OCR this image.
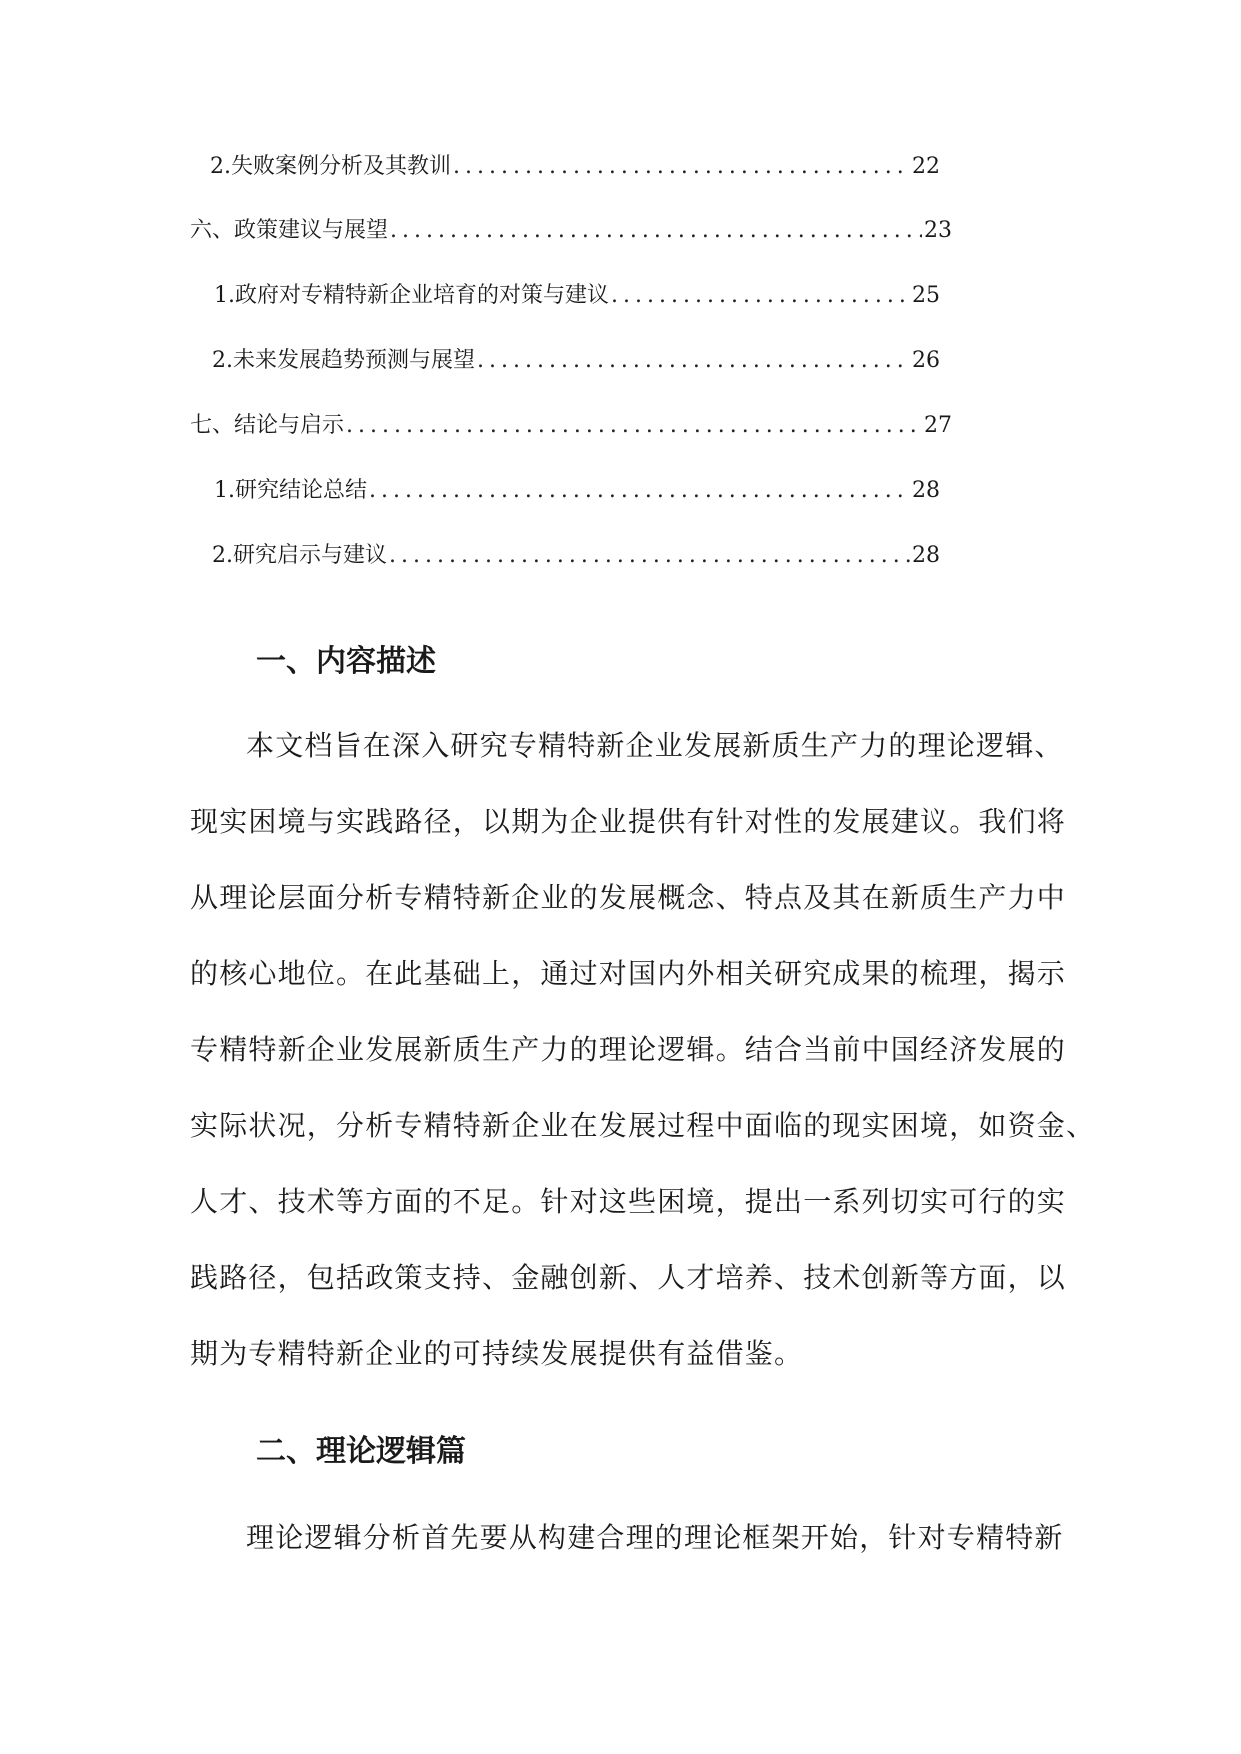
2. 失败案例分析及其教训 .....	22
六、政策建议与展望 .....	23
1. 政府对专精特新企业培育的对策与建议 .....	25
2. 未来发展趋势预测与展望 .....	26
七、结论与启示 .....	27
1. 研究结论总结 .....	28
2. 研究启示与建议 .....	28
一、内容描述
本文档旨在深入研究专精特新企业发展新质生产力的理论逻辑、
现实困境与实践路径，以期为企业提供有针对性的发展建议。我们将
从理论层面分析专精特新企业的发展概念、特点及其在新质生产力中
的核心地位。在此基础上，通过对国内外相关研究成果的梳理，揭示
专精特新企业发展新质生产力的理论逻辑。结合当前中国经济发展的
实际状况，分析专精特新企业在发展过程中面临的现实困境，如资金、
人才、技术等方面的不足。针对这些困境，提出一系列切实可行的实
践路径，包括政策支持、金融创新、人才培养、技术创新等方面，以
期为专精特新企业的可持续发展提供有益借鉴。
二、理论逻辑篇
理论逻辑分析首先要从构建合理的理论框架开始，针对专精特新
